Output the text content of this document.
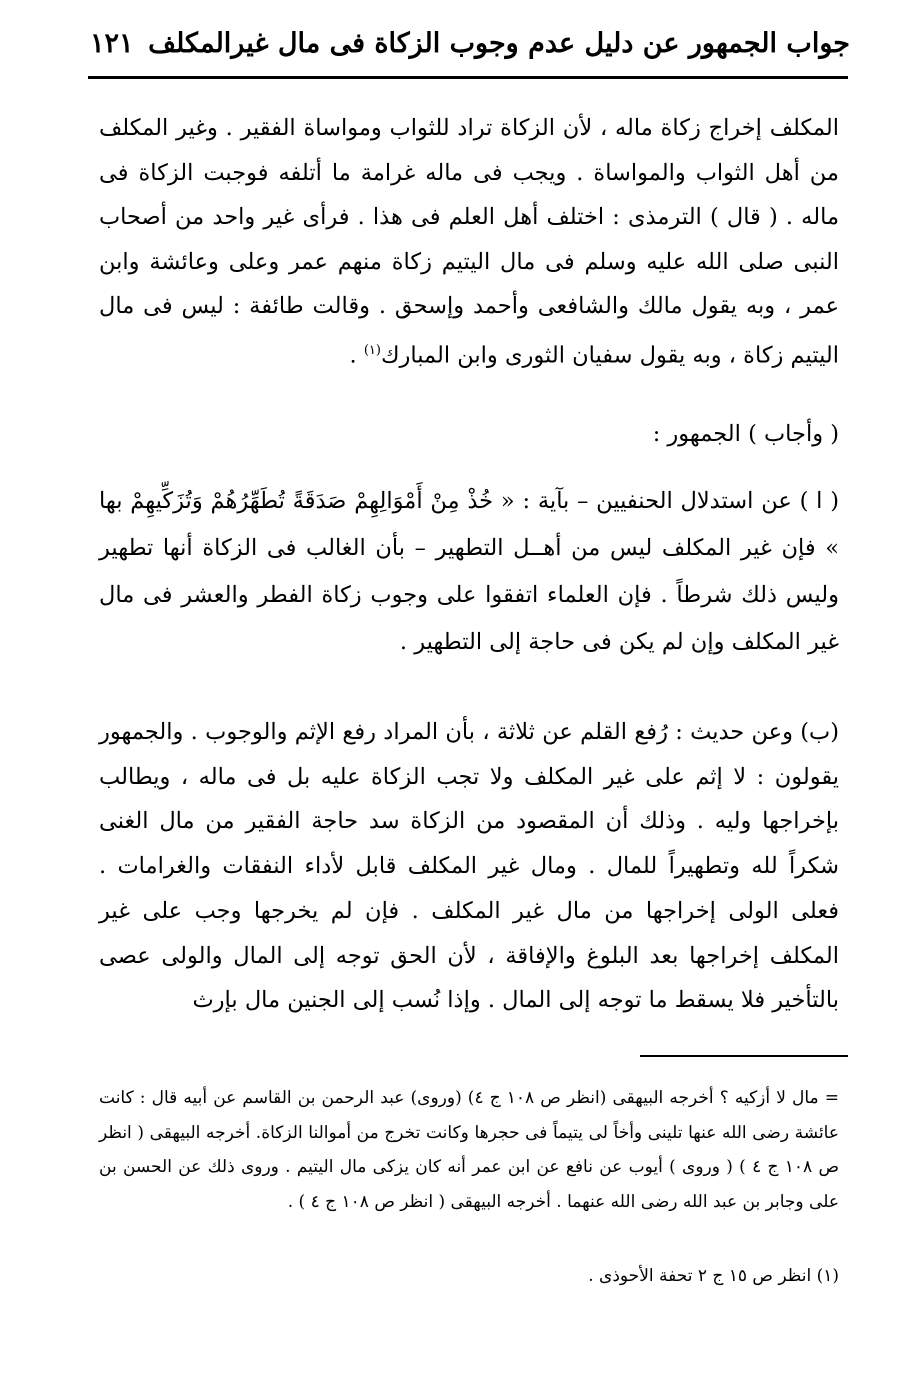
جواب الجمهور عن دليل عدم وجوب الزكاة فى مال غيرالمكلف
١٢١
المكلف إخراج زكاة ماله ، لأن الزكاة تراد للثواب ومواساة الفقير . وغير المكلف من أهل الثواب والمواساة . ويجب فى ماله غرامة ما أتلفه فوجبت الزكاة فى ماله . ( قال ) الترمذى : اختلف أهل العلم فى هذا . فرأى غير واحد من أصحاب النبى صلى الله عليه وسلم فى مال اليتيم زكاة منهم عمر وعلى وعائشة وابن عمر ، وبه يقول مالك والشافعى وأحمد وإسحق . وقالت طائفة : ليس فى مال اليتيم زكاة ، وبه يقول سفيان الثورى وابن المبارك$^{(١)}$ .
( وأجاب ) الجمهور :
( ا ) عن استدلال الحنفيين – بآية : « خُذْ مِنْ أَمْوَالِهِمْ صَدَقَةً تُطَهِّرُهُمْ وَتُزَكِّيهِمْ بها » فإن غير المكلف ليس من أهــل التطهير – بأن الغالب فى الزكاة أنها تطهير وليس ذلك شرطاً . فإن العلماء اتفقوا على وجوب زكاة الفطر والعشر فى مال غير المكلف وإن لم يكن فى حاجة إلى التطهير .
(ب) وعن حديث : رُفع القلم عن ثلاثة ، بأن المراد رفع الإثم والوجوب . والجمهور يقولون : لا إثم على غير المكلف ولا تجب الزكاة عليه بل فى ماله ، ويطالب بإخراجها وليه . وذلك أن المقصود من الزكاة سد حاجة الفقير من مال الغنى شكراً لله وتطهيراً للمال . ومال غير المكلف قابل لأداء النفقات والغرامات . فعلى الولى إخراجها من مال غير المكلف . فإن لم يخرجها وجب على غير المكلف إخراجها بعد البلوغ والإفاقة ، لأن الحق توجه إلى المال والولى عصى بالتأخير فلا يسقط ما توجه إلى المال . وإذا نُسب إلى الجنين مال بإرث
= مال لا أزكيه ؟ أخرجه البيهقى (انظر ص ١٠٨ ج ٤) (وروى) عبد الرحمن بن القاسم عن أبيه قال : كانت عائشة رضى الله عنها تلينى وأخاً لى يتيماً فى حجرها وكانت تخرج من أموالنا الزكاة. أخرجه البيهقى ( انظر ص ١٠٨ ج ٤ ) ( وروى ) أيوب عن نافع عن ابن عمر أنه كان يزكى مال اليتيم . وروى ذلك عن الحسن بن على وجابر بن عبد الله رضى الله عنهما . أخرجه البيهقى ( انظر ص ١٠٨ ج ٤ ) .
(١) انظر ص ١٥ ج ٢ تحفة الأحوذى .
